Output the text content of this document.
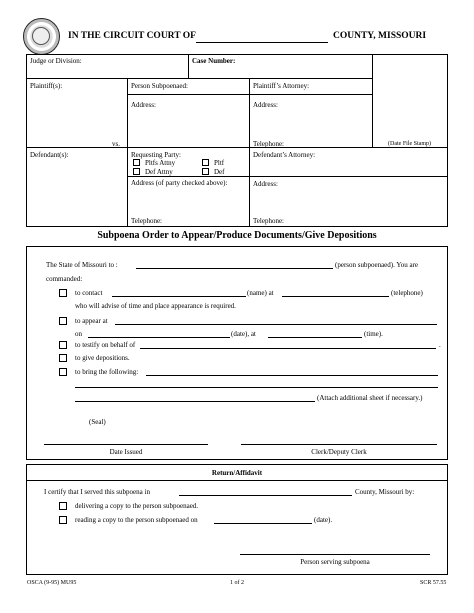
IN THE CIRCUIT COURT OF	COUNTY, MISSOURI
Judge or Division:	Case Number:
Plaintiff(s):	Person Subpoenaed:	Plaintiff’s Attorney:
Address:	Address:
vs.	Telephone:	(Date File Stamp)
Defendant(s):	Requesting Party:	Defendant’s Attorney:
Pltfs Attny	Pltf
Def Attny	Def
Address (of party checked above):	Address:
Telephone:	Telephone:
Subpoena Order to Appear/Produce Documents/Give Depositions
The State of Missouri to :	(person subpoenaed). You are
commanded:
to contact	(name) at	(telephone)
who will advise of time and place appearance is required.
to appear at
on	(date), at	(time).
to testify on behalf of	.
to give depositions.
to bring the following:
(Attach additional sheet if necessary.)
(Seal)
Date Issued	Clerk/Deputy Clerk
Return/Affidavit
I certify that I served this subpoena in	County, Missouri by:
delivering a copy to the person subpoenaed.
reading a copy to the person subpoenaed on	(date).
Person serving subpoena
OSCA (9-95) MU95	1 of 2	SCR 57.55
